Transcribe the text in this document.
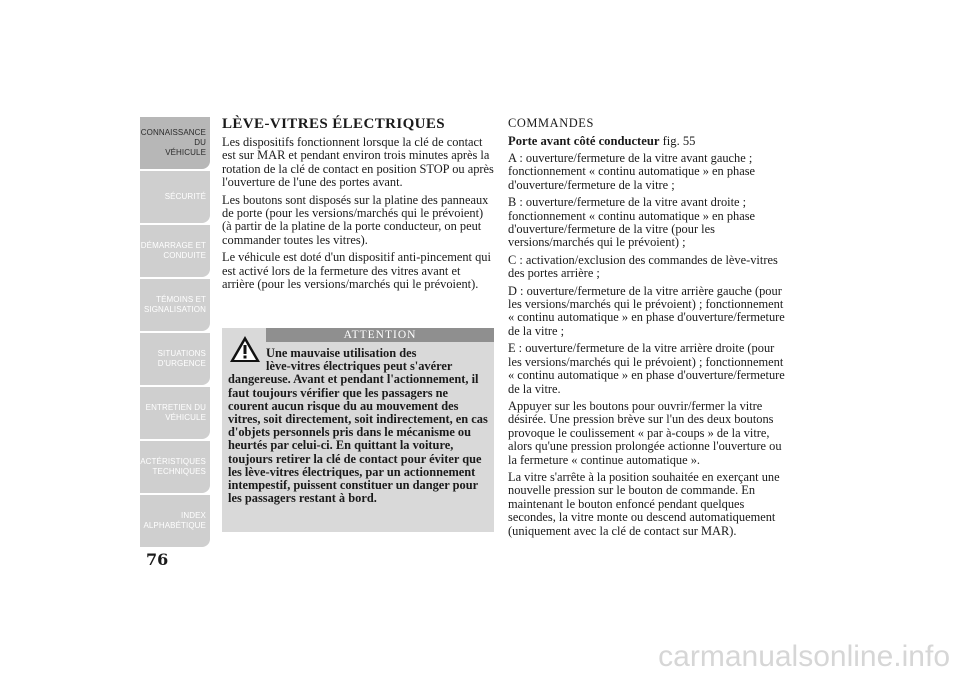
CONNAISSANCE DU
VÉHICULE
SÉCURITÉ
DÉMARRAGE ET
CONDUITE
TÉMOINS ET
SIGNALISATION
SITUATIONS
D'URGENCE
ENTRETIEN DU
VÉHICULE
CARACTÉRISTIQUES
TECHNIQUES
INDEX
ALPHABÉTIQUE
76
LÈVE-VITRES ÉLECTRIQUES

Les dispositifs fonctionnent lorsque la clé de contact est sur MAR et pendant environ trois minutes après la rotation de la clé de contact en position STOP ou après l'ouverture de l'une des portes avant.

Les boutons sont disposés sur la platine des panneaux de porte (pour les versions/marchés qui le prévoient) (à partir de la platine de la porte conducteur, on peut commander toutes les vitres).

Le véhicule est doté d'un dispositif anti-pincement qui est activé lors de la fermeture des vitres avant et arrière (pour les versions/marchés qui le prévoient).

ATTENTION
Une mauvaise utilisation des
lève-vitres électriques peut s'avérer
dangereuse. Avant et pendant l'actionnement, il faut toujours vérifier que les passagers ne courent aucun risque du au mouvement des vitres, soit directement, soit indirectement, en cas d'objets personnels pris dans le mécanisme ou heurtés par celui-ci. En quittant la voiture, toujours retirer la clé de contact pour éviter que les lève-vitres électriques, par un actionnement intempestif, puissent constituer un danger pour les passagers restant à bord.
COMMANDES
Porte avant côté conducteur fig. 55

A : ouverture/fermeture de la vitre avant gauche ; fonctionnement « continu automatique » en phase d'ouverture/fermeture de la vitre ;

B : ouverture/fermeture de la vitre avant droite ; fonctionnement « continu automatique » en phase d'ouverture/fermeture de la vitre (pour les versions/marchés qui le prévoient) ;

C : activation/exclusion des commandes de lève-vitres des portes arrière ;

D : ouverture/fermeture de la vitre arrière gauche (pour les versions/marchés qui le prévoient) ; fonctionnement « continu automatique » en phase d'ouverture/fermeture de la vitre ;

E : ouverture/fermeture de la vitre arrière droite (pour les versions/marchés qui le prévoient) ; fonctionnement « continu automatique » en phase d'ouverture/fermeture de la vitre.

Appuyer sur les boutons pour ouvrir/fermer la vitre désirée. Une pression brève sur l'un des deux boutons provoque le coulissement « par à-coups » de la vitre, alors qu'une pression prolongée actionne l'ouverture ou la fermeture « continue automatique ».

La vitre s'arrête à la position souhaitée en exerçant une nouvelle pression sur le bouton de commande. En maintenant le bouton enfoncé pendant quelques secondes, la vitre monte ou descend automatiquement (uniquement avec la clé de contact sur MAR).

carmanualsonline.info
